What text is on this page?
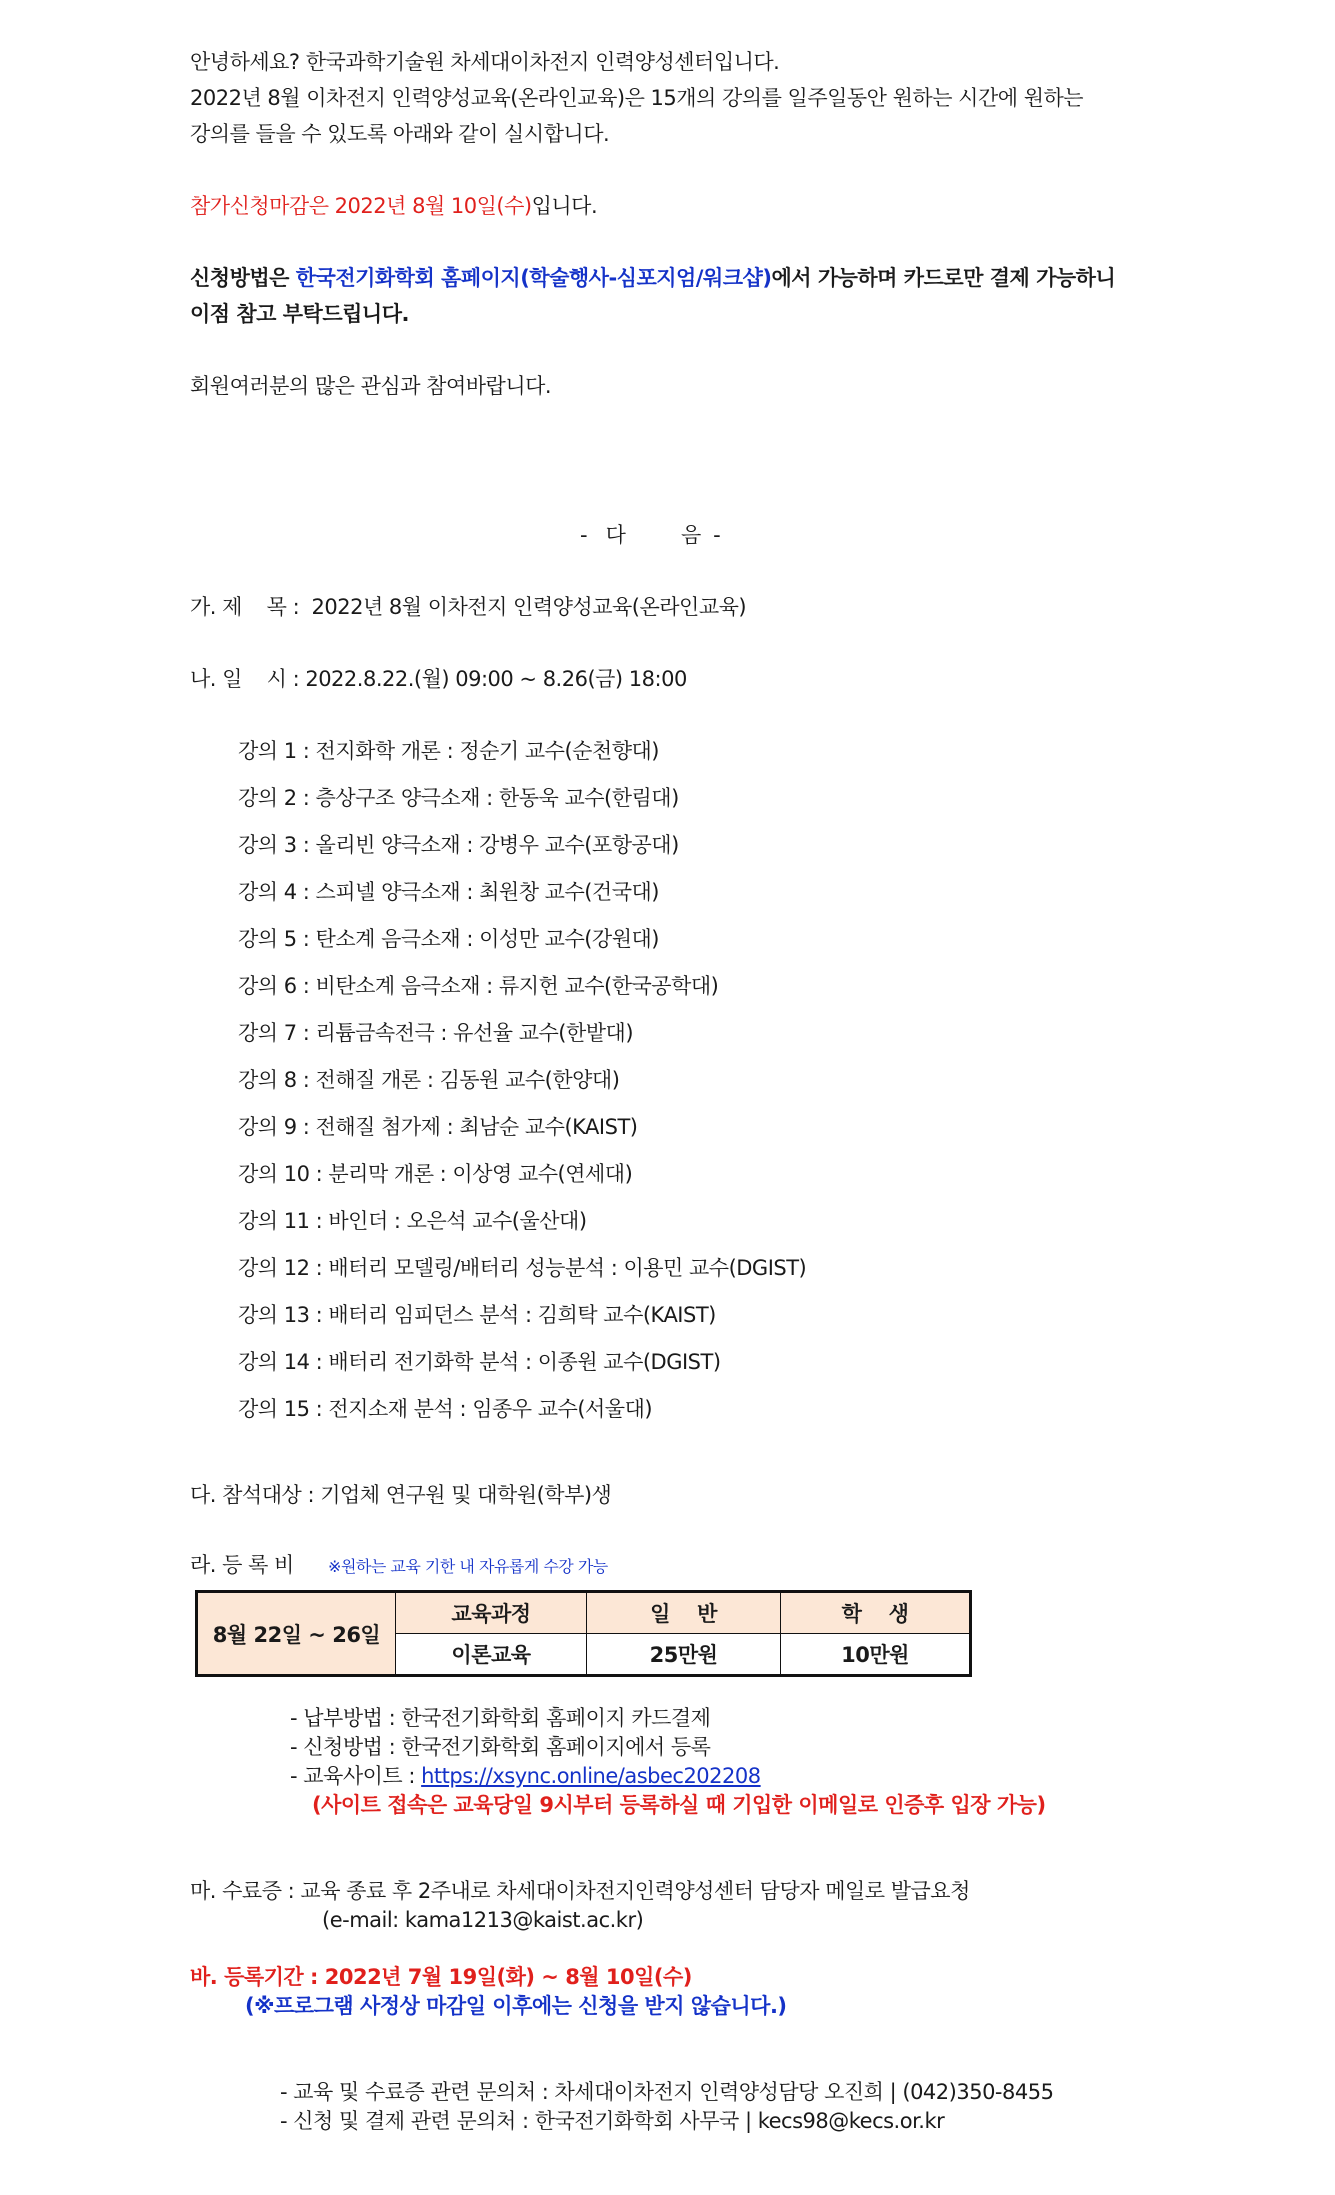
안녕하세요? 한국과학기술원 차세대이차전지 인력양성센터입니다.
2022년 8월 이차전지 인력양성교육(온라인교육)은 15개의 강의를 일주일동안 원하는 시간에 원하는
강의를 들을 수 있도록 아래와 같이 실시합니다.
참가신청마감은 2022년 8월 10일(수)입니다.
신청방법은 한국전기화학회 홈페이지(학술행사-심포지엄/워크샵)에서 가능하며 카드로만 결제 가능하니
이점 참고 부탁드립니다.
회원여러분의 많은 관심과 참여바랍니다.
-   다         음  -
가. 제    목 :  2022년 8월 이차전지 인력양성교육(온라인교육)
나. 일    시 : 2022.8.22.(월) 09:00 ~ 8.26(금) 18:00
강의 1 : 전지화학 개론 : 정순기 교수(순천향대)
강의 2 : 층상구조 양극소재 : 한동욱 교수(한림대)
강의 3 : 올리빈 양극소재 : 강병우 교수(포항공대)
강의 4 : 스피넬 양극소재 : 최원창 교수(건국대)
강의 5 : 탄소계 음극소재 : 이성만 교수(강원대)
강의 6 : 비탄소계 음극소재 : 류지헌 교수(한국공학대)
강의 7 : 리튬금속전극 : 유선율 교수(한밭대)
강의 8 : 전해질 개론 : 김동원 교수(한양대)
강의 9 : 전해질 첨가제 : 최남순 교수(KAIST)
강의 10 : 분리막 개론 : 이상영 교수(연세대)
강의 11 : 바인더 : 오은석 교수(울산대)
강의 12 : 배터리 모델링/배터리 성능분석 : 이용민 교수(DGIST)
강의 13 : 배터리 임피던스 분석 : 김희탁 교수(KAIST)
강의 14 : 배터리 전기화학 분석 : 이종원 교수(DGIST)
강의 15 : 전지소재 분석 : 임종우 교수(서울대)
다. 참석대상 : 기업체 연구원 및 대학원(학부)생
라. 등 록 비 ※원하는 교육 기한 내 자유롭게 수강 가능
8월 22일 ~ 26일	교육과정	일    반	학    생
	이론교육	25만원	10만원
- 납부방법 : 한국전기화학회 홈페이지 카드결제
- 신청방법 : 한국전기화학회 홈페이지에서 등록
- 교육사이트 : https://xsync.online/asbec202208
(사이트 접속은 교육당일 9시부터 등록하실 때 기입한 이메일로 인증후 입장 가능)
마. 수료증 : 교육 종료 후 2주내로 차세대이차전지인력양성센터 담당자 메일로 발급요청
(e-mail: kama1213@kaist.ac.kr)
바. 등록기간 : 2022년 7월 19일(화) ~ 8월 10일(수)
(※프로그램 사정상 마감일 이후에는 신청을 받지 않습니다.)
- 교육 및 수료증 관련 문의처 : 차세대이차전지 인력양성담당 오진희 | (042)350-8455
- 신청 및 결제 관련 문의처 : 한국전기화학회 사무국 | kecs98@kecs.or.kr
